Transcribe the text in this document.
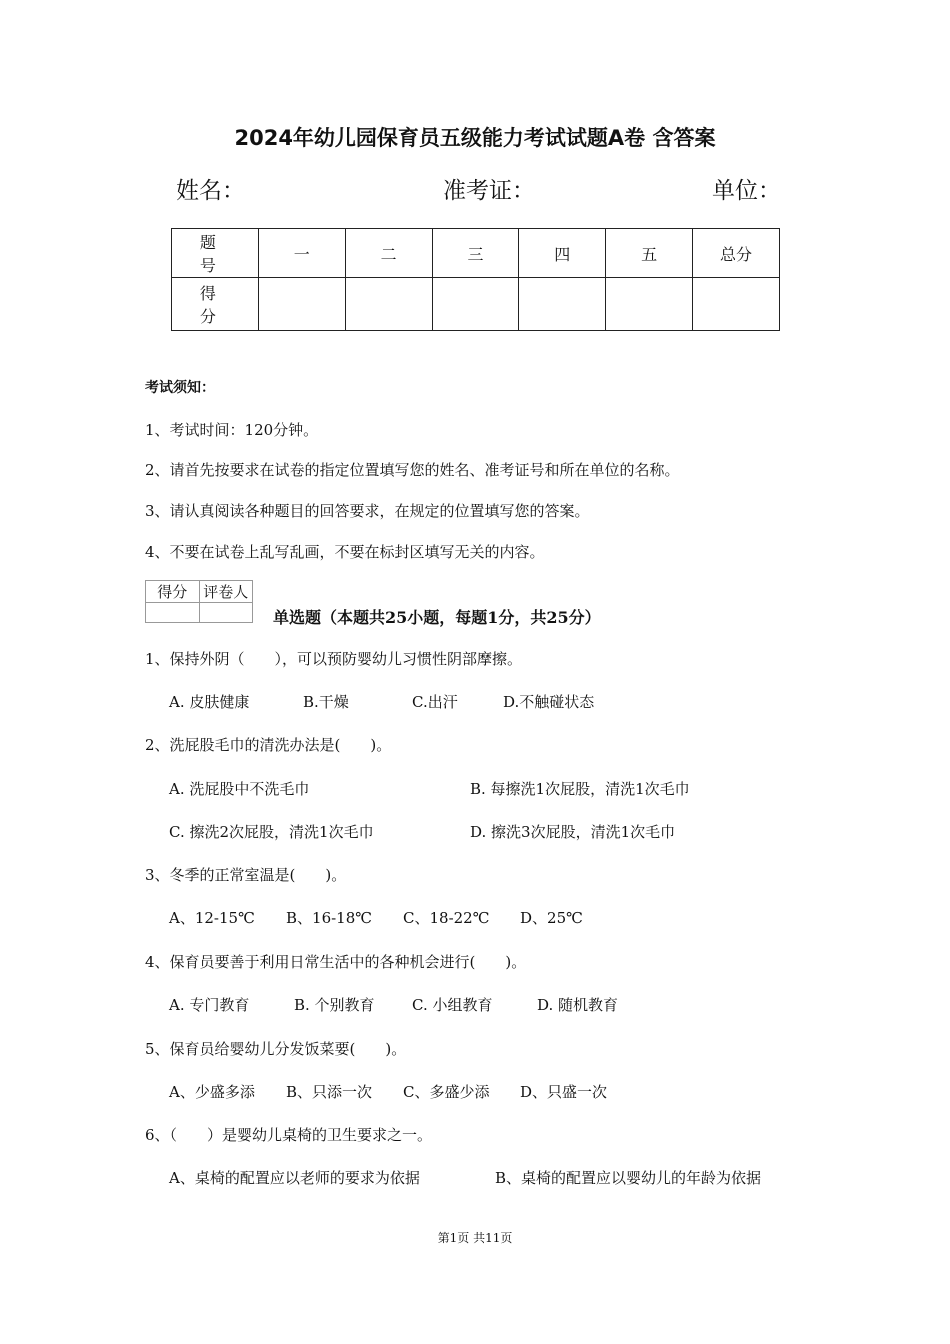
2024年幼儿园保育员五级能力考试试题A卷 含答案
姓名：	准考证：	单位：
题　号	一	二	三	四	五	总分
得　分						
考试须知：
1、考试时间：120分钟。
2、请首先按要求在试卷的指定位置填写您的姓名、准考证号和所在单位的名称。
3、请认真阅读各种题目的回答要求，在规定的位置填写您的答案。
4、不要在试卷上乱写乱画，不要在标封区填写无关的内容。
得分	评卷人

单选题（本题共25小题，每题1分，共25分）
1、保持外阴（　　），可以预防婴幼儿习惯性阴部摩擦。
A. 皮肤健康	B.干燥	C.出汗	D.不触碰状态
2、洗屁股毛巾的清洗办法是(　　)。
A. 洗屁股中不洗毛巾	B. 每擦洗1次屁股，清洗1次毛巾
C. 擦洗2次屁股，清洗1次毛巾	D. 擦洗3次屁股，清洗1次毛巾
3、冬季的正常室温是(　　)。
A、12-15℃ B、16-18℃ C、18-22℃ D、25℃
4、保育员要善于利用日常生活中的各种机会进行(　　)。
A. 专门教育	B. 个别教育 C. 小组教育	D. 随机教育
5、保育员给婴幼儿分发饭菜要(　　)。
A、少盛多添 B、只添一次 C、多盛少添 D、只盛一次
6、（　　）是婴幼儿桌椅的卫生要求之一。
A、桌椅的配置应以老师的要求为依据	B、桌椅的配置应以婴幼儿的年龄为依据
第1页 共11页
